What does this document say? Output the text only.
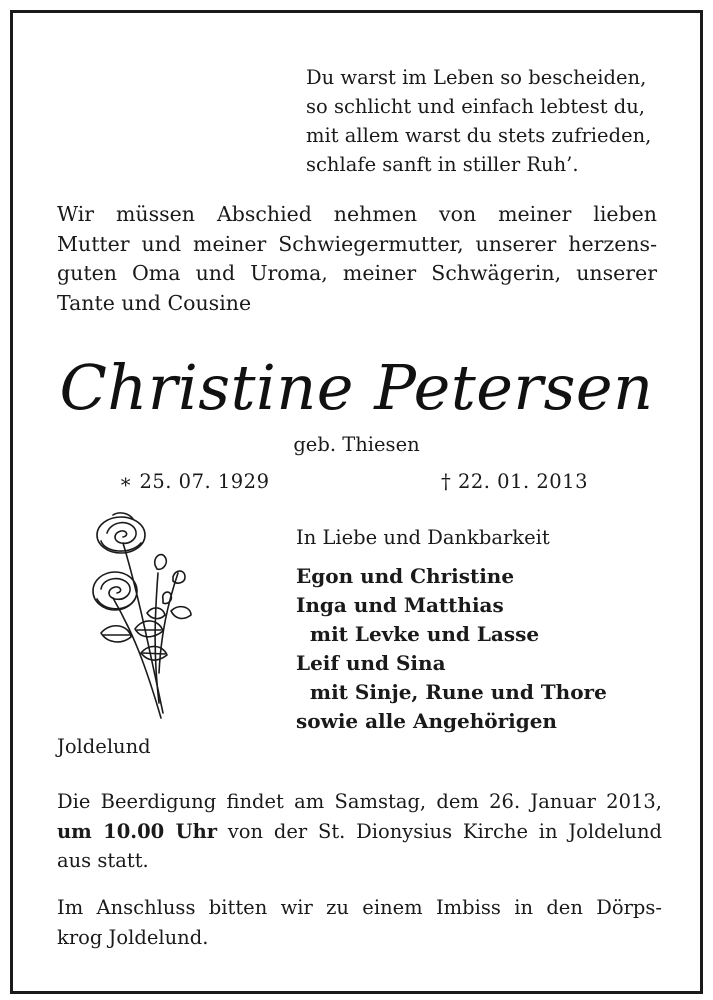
Du warst im Leben so bescheiden,
so schlicht und einfach lebtest du,
mit allem warst du stets zufrieden,
schlafe sanft in stiller Ruh’.
Wir müssen Abschied nehmen von meiner lieben
Mutter und meiner Schwiegermutter, unserer herzens-
guten Oma und Uroma, meiner Schwägerin, unserer
Tante und Cousine
Christine Petersen
geb. Thiesen
∗ 25. 07. 1929	† 22. 01. 2013
In Liebe und Dankbarkeit
Egon und Christine
Inga und Matthias
mit Levke und Lasse
Leif und Sina
mit Sinje, Rune und Thore
sowie alle Angehörigen
Joldelund
Die Beerdigung findet am Samstag, dem 26. Januar 2013,
um 10.00 Uhr von der St. Dionysius Kirche in Joldelund
aus statt.
Im Anschluss bitten wir zu einem Imbiss in den Dörps-
krog Joldelund.
